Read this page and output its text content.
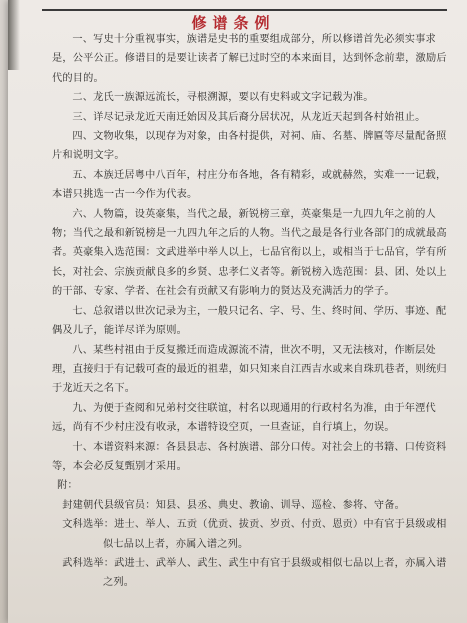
修谱条例

一、写史十分重视事实，族谱是史书的重要组成部分，所以修谱首先必须实事求是，公平公正。修谱目的是要让读者了解已过时空的本来面目，达到怀念前辈，激励后代的目的。

二、龙氏一族源远流长，寻根溯源，要以有史料或文字记载为准。

三、详尽记录龙近天南迁始因及其后裔分居状况，从龙近天起到各村始祖止。

四、文物收集，以现存为对象，由各村提供，对祠、庙、名墓、牌匾等尽量配备照片和说明文字。

五、本族迁居粤中八百年，村庄分布各地，各有精彩，或就赫然，实难一一记载，本谱只挑选一古一今作为代表。

六、人物篇，设英豪集，当代之最，新锐榜三章，英豪集是一九四九年之前的人物；当代之最和新锐榜是一九四九年之后的人物。当代之最是各行业各部门的成就最高者。英豪集入选范围：文武进举中举人以上，七品官衔以上，或相当于七品官，学有所长，对社会、宗族贡献良多的乡贤、忠孝仁义者等。新锐榜入选范围：县、团、处以上的干部、专家、学者、在社会有贡献又有影响力的贤达及充满活力的学子。

七、总叙谱以世次记录为主，一般只记名、字、号、生、终时间、学历、事迹、配偶及儿子，能详尽详为原则。

八、某些村祖由于反复搬迁而造成源流不清，世次不明，又无法核对，作断层处理，直接归于有记载可查的最近的祖辈，如只知来自江西吉水或来自珠玑巷者，则统归于龙近天之名下。

九、为便于查阅和兄弟村交往联谊，村名以现通用的行政村名为准，由于年湮代远，尚有不少村庄没有收录，本谱特设空页，一旦查证，自行填上，勿误。

十、本谱资料来源：各县县志、各村族谱、部分口传。对社会上的书籍、口传资料等，本会必反复甄别才采用。

附：

封建朝代县级官员：知县、县丞、典史、教谕、训导、巡检、参将、守备。

文科选举：进士、举人、五贡（优贡、拔贡、岁贡、付贡、恩贡）中有官于县级或相似七品以上者，亦属入谱之列。

武科选举：武进士、武举人、武生、武生中有官于县级或相似七品以上者，亦属入谱之列。
